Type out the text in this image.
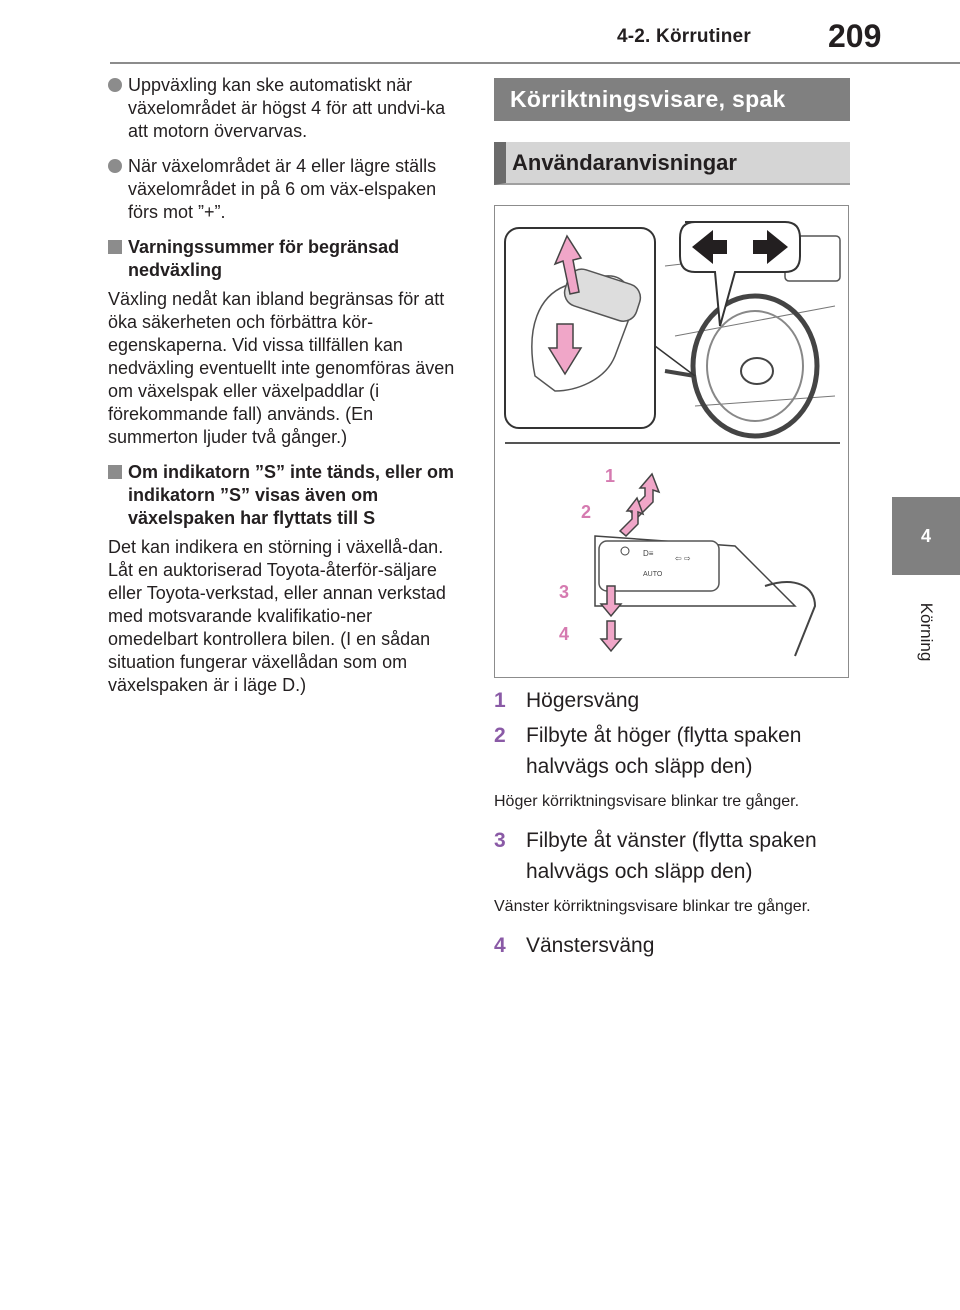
4-2. Körrutiner 209
4
Körning
Uppväxling kan ske automatiskt när växelområdet är högst 4 för att undvi-ka att motorn övervarvas.
När växelområdet är 4 eller lägre ställs växelområdet in på 6 om väx-elspaken förs mot ”+”.
Varningssummer för begränsad nedväxling

Växling nedåt kan ibland begränsas för att öka säkerheten och förbättra kör-egenskaperna. Vid vissa tillfällen kan nedväxling eventuellt inte genomföras även om växelspak eller växelpaddlar (i förekommande fall) används. (En summerton ljuder två gånger.)

Om indikatorn ”S” inte tänds, eller om indikatorn ”S” visas även om växelspaken har flyttats till S

Det kan indikera en störning i växellå-dan. Låt en auktoriserad Toyota-återför-säljare eller Toyota-verkstad, eller annan verkstad med motsvarande kvalifikatio-ner omedelbart kontrollera bilen. (I en sådan situation fungerar växellådan som om växelspaken är i läge D.)

Körriktningsvisare, spak
Användaranvisningar
D≡
AUTO
⇦ ⇨
1
2
3
4
1 Högersväng
2 Filbyte åt höger (flytta spaken halvvägs och släpp den)

Höger körriktningsvisare blinkar tre gånger.

3 Filbyte åt vänster (flytta spaken halvvägs och släpp den)

Vänster körriktningsvisare blinkar tre gånger.

4 Vänstersväng
